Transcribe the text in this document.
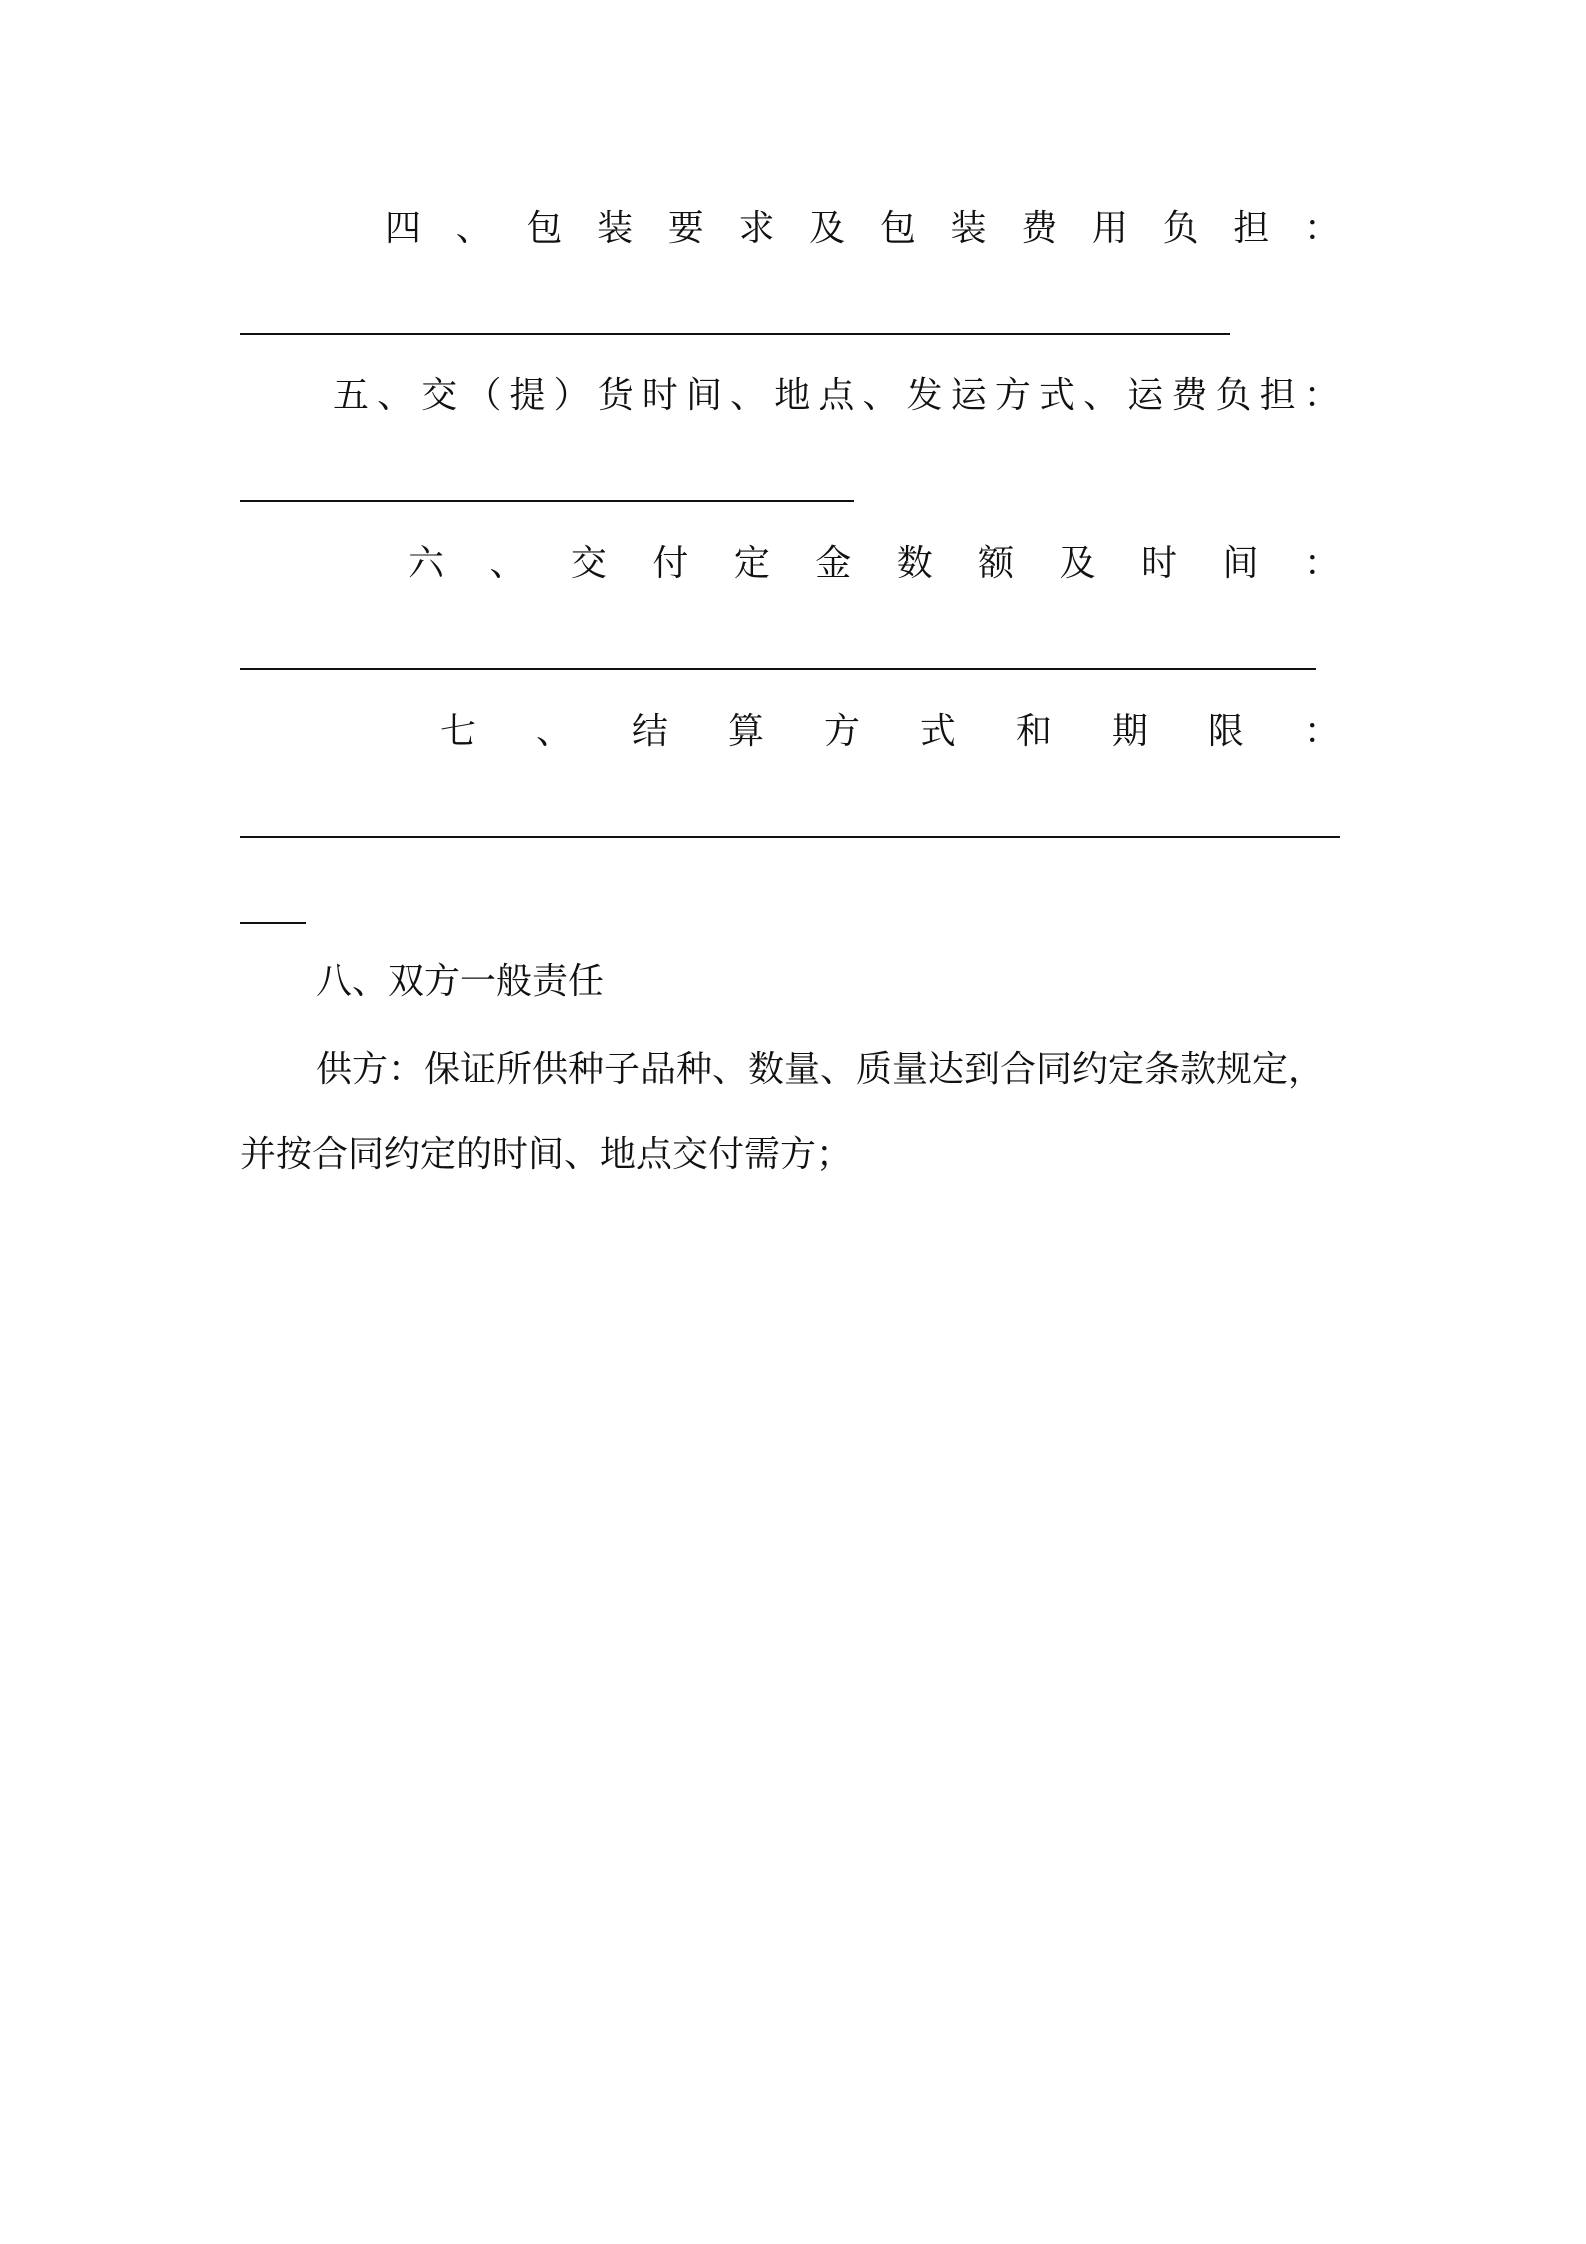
四 、 包 装 要 求 及 包 装 费 用 负 担 ：
五 、 交 （ 提 ） 货 时 间 、 地 点 、 发 运 方 式 、 运 费 负 担 ：
六 、 交 付 定 金 数 额 及 时 间 ：
七 、 结 算 方 式 和 期 限 ：
八、双方一般责任
供方：保证所供种子品种、数量、质量达到合同约定条款规定，并按合同约定的时间、地点交付需方；
